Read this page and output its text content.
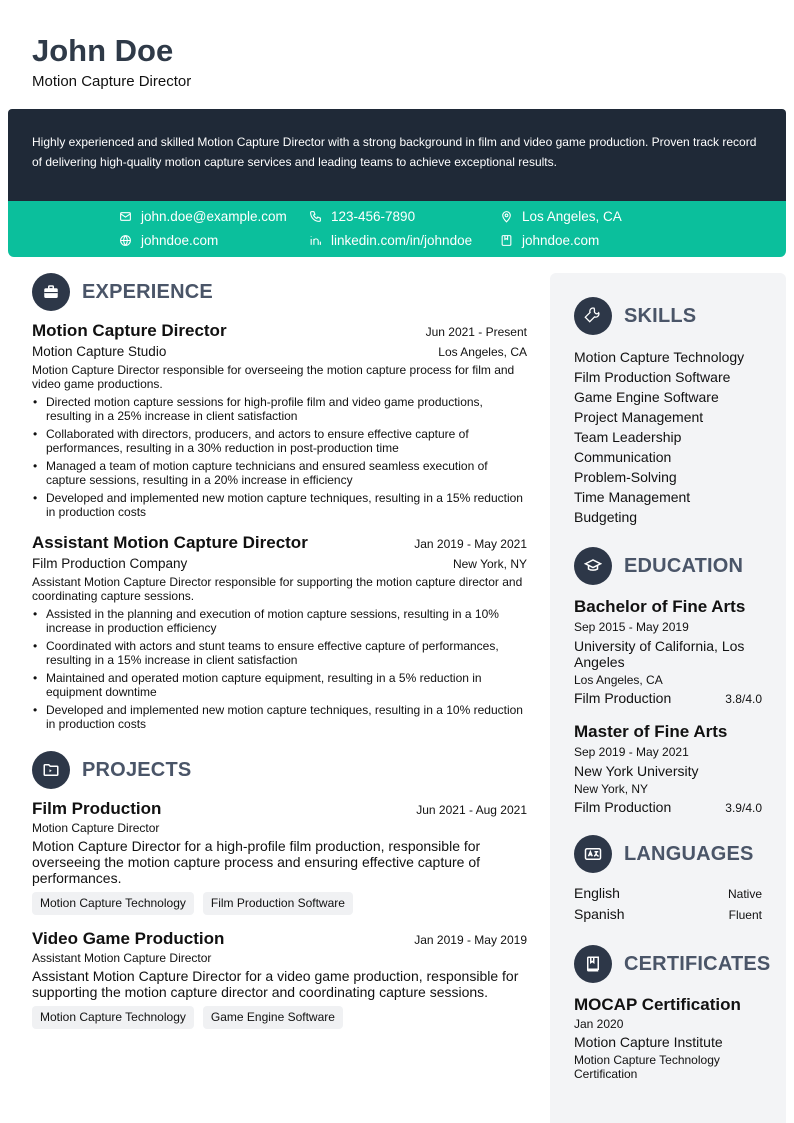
John Doe
Motion Capture Director

Highly experienced and skilled Motion Capture Director with a strong background in film and video game production. Proven track record of delivering high-quality motion capture services and leading teams to achieve exceptional results.

john.doe@example.com	123-456-7890	Los Angeles, CA
johndoe.com	linkedin.com/in/johndoe	johndoe.com
EXPERIENCE
Motion Capture Director	Jun 2021 - Present
Motion Capture Studio	Los Angeles, CA
Motion Capture Director responsible for overseeing the motion capture process for film and video game productions.
• Directed motion capture sessions for high-profile film and video game productions, resulting in a 25% increase in client satisfaction
• Collaborated with directors, producers, and actors to ensure effective capture of performances, resulting in a 30% reduction in post-production time
• Managed a team of motion capture technicians and ensured seamless execution of capture sessions, resulting in a 20% increase in efficiency
• Developed and implemented new motion capture techniques, resulting in a 15% reduction in production costs
Assistant Motion Capture Director	Jan 2019 - May 2021
Film Production Company	New York, NY
Assistant Motion Capture Director responsible for supporting the motion capture director and coordinating capture sessions.
• Assisted in the planning and execution of motion capture sessions, resulting in a 10% increase in production efficiency
• Coordinated with actors and stunt teams to ensure effective capture of performances, resulting in a 15% increase in client satisfaction
• Maintained and operated motion capture equipment, resulting in a 5% reduction in equipment downtime
• Developed and implemented new motion capture techniques, resulting in a 10% reduction in production costs
PROJECTS
Film Production	Jun 2021 - Aug 2021
Motion Capture Director
Motion Capture Director for a high-profile film production, responsible for overseeing the motion capture process and ensuring effective capture of performances.
Motion Capture Technology	Film Production Software
Video Game Production	Jan 2019 - May 2019
Assistant Motion Capture Director
Assistant Motion Capture Director for a video game production, responsible for supporting the motion capture director and coordinating capture sessions.
Motion Capture Technology	Game Engine Software
SKILLS
Motion Capture Technology
Film Production Software
Game Engine Software
Project Management
Team Leadership
Communication
Problem-Solving
Time Management
Budgeting
EDUCATION
Bachelor of Fine Arts
Sep 2015 - May 2019
University of California, Los Angeles
Los Angeles, CA
Film Production	3.8/4.0
Master of Fine Arts
Sep 2019 - May 2021
New York University
New York, NY
Film Production	3.9/4.0
LANGUAGES
English	Native
Spanish	Fluent
CERTIFICATES
MOCAP Certification
Jan 2020
Motion Capture Institute
Motion Capture Technology Certification
